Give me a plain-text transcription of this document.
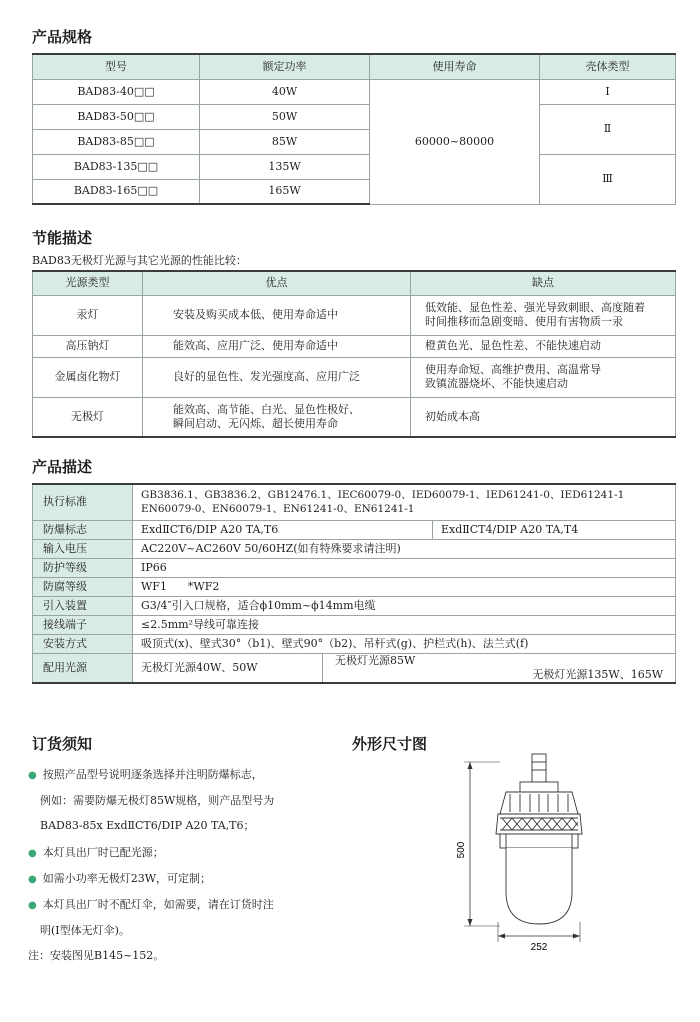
产品规格
型号	额定功率	使用寿命	壳体类型
BAD83-40□□	40W	60000~80000	Ⅰ
BAD83-50□□	50W		Ⅱ
BAD83-85□□	85W		
BAD83-135□□	135W		Ⅲ
BAD83-165□□	165W		
节能描述
BAD83无极灯光源与其它光源的性能比较：
光源类型	优点	缺点
汞灯	安装及购买成本低、使用寿命适中	低效能、显色性差、强光导致刺眼、高度随着
时间推移而急剧变暗、使用有害物质一汞

高压钠灯	能效高、应用广泛、使用寿命适中	橙黄色光、显色性差、不能快速启动

金属卤化物灯	良好的显色性、发光强度高、应用广泛	使用寿命短、高维护费用、高温常导
致镇流器烧坏、不能快速启动

无极灯	能效高、高节能、白光、显色性极好、
瞬间启动、无闪烁、超长使用寿命	初始成本高
产品描述
执行标准	GB3836.1、GB3836.2、GB12476.1、IEC60079-0、IED60079-1、IED61241-0、IED61241-1
EN60079-0、EN60079-1、EN61241-0、EN61241-1		

防爆标志	ExdⅡCT6/DIP A20 TA,T6		ExdⅡCT4/DIP A20 TA,T4
输入电压	AC220V~AC260V 50/60HZ(如有特殊要求请注明)		
防护等级	IP66		
防腐等级	WF1      *WF2		
引入装置	G3/4″引入口规格，适合ϕ10mm~ϕ14mm电缆		
接线端子	≤2.5mm²导线可靠连接		
安装方式	吸顶式(x)、壁式30°（b1)、壁式90°（b2)、吊杆式(g)、护栏式(h)、法兰式(f)		
配用光源	无极灯光源40W、50W	无极灯光源85W
无极灯光源135W、165W	
订货须知
● 按照产品型号说明逐条选择并注明防爆标志，
例如：需要防爆无极灯85W规格，则产品型号为
BAD83-85x ExdⅡCT6/DIP A20 TA,T6；
● 本灯具出厂时已配光源；
● 如需小功率无极灯23W，可定制；
● 本灯具出厂时不配灯伞，如需要，请在订货时注
明(Ⅰ型体无灯伞)。
注：安装图见B145~152。
外形尺寸图
500
252
